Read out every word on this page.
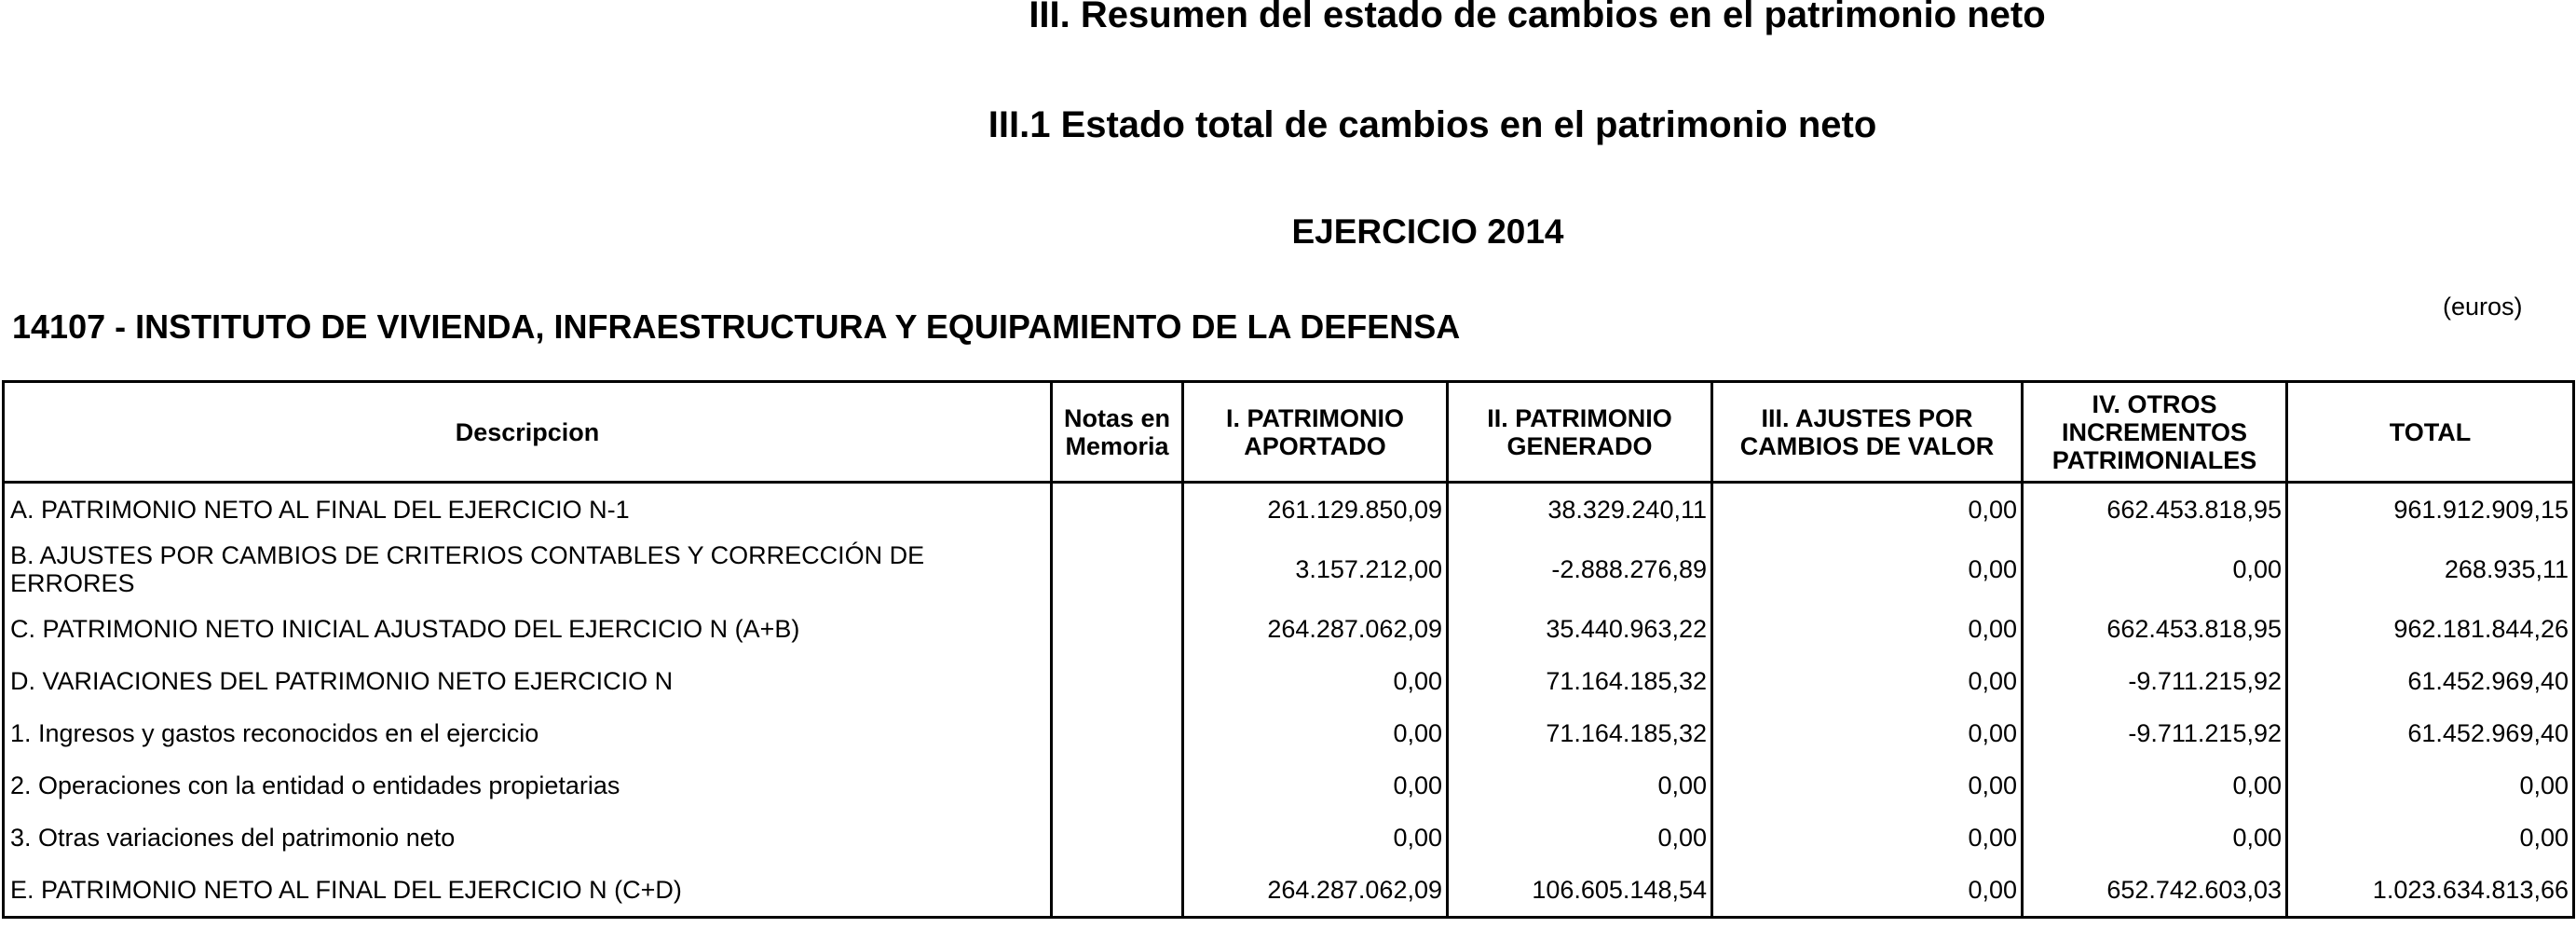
III. Resumen del estado de cambios en el patrimonio neto
III.1 Estado total de cambios en el patrimonio neto
EJERCICIO 2014
14107 - INSTITUTO DE VIVIENDA, INFRAESTRUCTURA Y EQUIPAMIENTO DE LA DEFENSA
(euros)
Descripcion	Notas en Memoria	I. PATRIMONIO APORTADO	II. PATRIMONIO GENERADO	III. AJUSTES POR CAMBIOS DE VALOR	IV. OTROS INCREMENTOS PATRIMONIALES	TOTAL
A. PATRIMONIO NETO AL FINAL DEL EJERCICIO N-1		261.129.850,09	38.329.240,11	0,00	662.453.818,95	961.912.909,15
B. AJUSTES POR CAMBIOS DE CRITERIOS CONTABLES Y CORRECCIÓN DE ERRORES		3.157.212,00	-2.888.276,89	0,00	0,00	268.935,11
C. PATRIMONIO NETO INICIAL AJUSTADO DEL EJERCICIO N (A+B)		264.287.062,09	35.440.963,22	0,00	662.453.818,95	962.181.844,26
D. VARIACIONES DEL PATRIMONIO NETO EJERCICIO N		0,00	71.164.185,32	0,00	-9.711.215,92	61.452.969,40
1. Ingresos y gastos reconocidos en el ejercicio		0,00	71.164.185,32	0,00	-9.711.215,92	61.452.969,40
2. Operaciones con la entidad o entidades propietarias		0,00	0,00	0,00	0,00	0,00
3. Otras variaciones del patrimonio neto		0,00	0,00	0,00	0,00	0,00
E. PATRIMONIO NETO AL FINAL DEL EJERCICIO N (C+D)		264.287.062,09	106.605.148,54	0,00	652.742.603,03	1.023.634.813,66
